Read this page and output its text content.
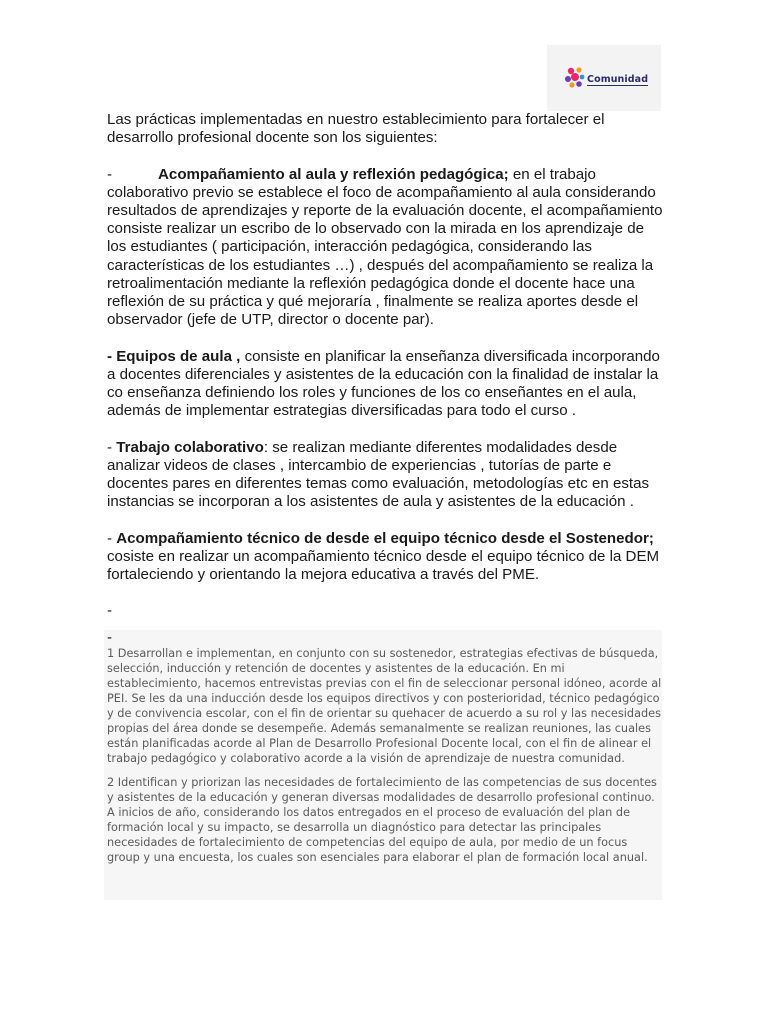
Comunidad

Las prácticas implementadas en nuestro establecimiento para fortalecer el desarrollo profesional docente son los siguientes:

-	Acompañamiento al aula y reflexión pedagógica; en el trabajo colaborativo previo se establece el foco de acompañamiento al aula considerando resultados de aprendizajes y reporte de la evaluación docente, el acompañamiento consiste realizar un escribo de lo observado con la mirada en los aprendizaje de los estudiantes ( participación, interacción pedagógica, considerando las características de los estudiantes …) , después del acompañamiento se realiza la retroalimentación mediante la reflexión pedagógica donde el docente hace una reflexión de su práctica y qué mejoraría , finalmente se realiza aportes desde el observador (jefe de UTP, director o docente par).

- Equipos de aula , consiste en planificar la enseñanza diversificada incorporando a docentes diferenciales y asistentes de la educación con la finalidad de instalar la co enseñanza definiendo los roles y funciones de los co enseñantes en el aula, además de implementar estrategias diversificadas para todo el curso .

- Trabajo colaborativo: se realizan mediante diferentes modalidades desde analizar videos de clases , intercambio de experiencias , tutorías de parte e docentes pares en diferentes temas como evaluación, metodologías etc en estas instancias se incorporan a los asistentes de aula y asistentes de la educación .

- Acompañamiento técnico de desde el equipo técnico desde el Sostenedor; cosiste en realizar un acompañamiento técnico desde el equipo técnico de la DEM fortaleciendo y orientando la mejora educativa a través del PME.

-

-

1 Desarrollan e implementan, en conjunto con su sostenedor, estrategias efectivas de búsqueda, selección, inducción y retención de docentes y asistentes de la educación. En mi establecimiento, hacemos entrevistas previas con el fin de seleccionar personal idóneo, acorde al PEI. Se les da una inducción desde los equipos directivos y con posterioridad, técnico pedagógico y de convivencia escolar, con el fin de orientar su quehacer de acuerdo a su rol y las necesidades propias del área donde se desempeñe. Además semanalmente se realizan reuniones, las cuales están planificadas acorde al Plan de Desarrollo Profesional Docente local, con el fin de alinear el trabajo pedagógico y colaborativo acorde a la visión de aprendizaje de nuestra comunidad.

2 Identifican y priorizan las necesidades de fortalecimiento de las competencias de sus docentes y asistentes de la educación y generan diversas modalidades de desarrollo profesional continuo. A inicios de año, considerando los datos entregados en el proceso de evaluación del plan de formación local y su impacto, se desarrolla un diagnóstico para detectar las principales necesidades de fortalecimiento de competencias del equipo de aula, por medio de un focus group y una encuesta, los cuales son esenciales para elaborar el plan de formación local anual.
